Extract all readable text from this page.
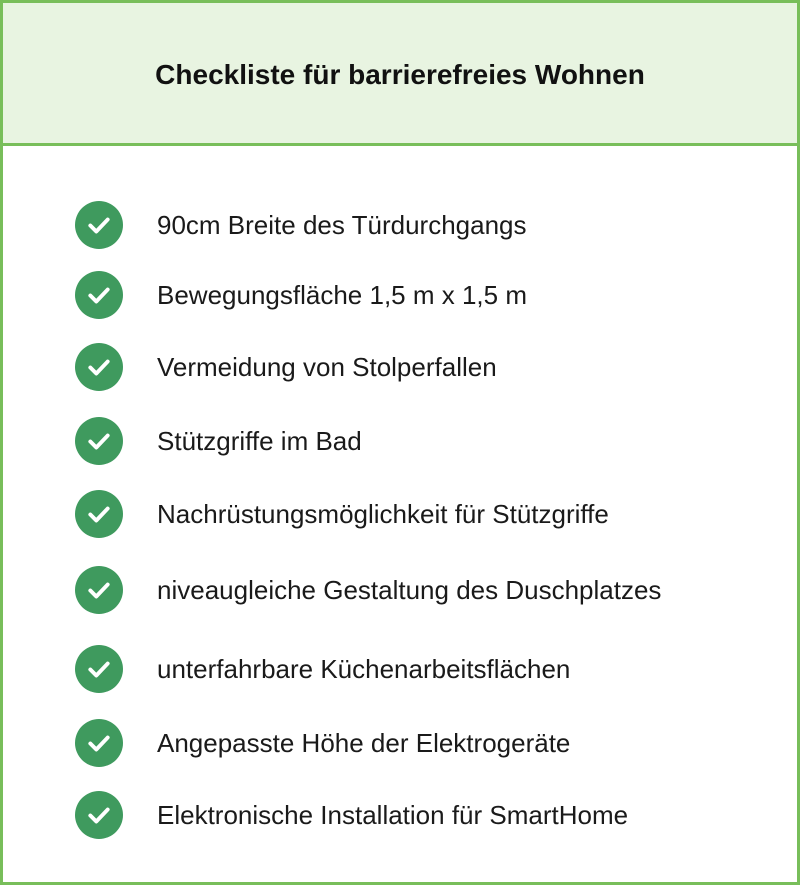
Checkliste für barrierefreies Wohnen
90cm Breite des Türdurchgangs
Bewegungsfläche 1,5 m x 1,5 m
Vermeidung von Stolperfallen
Stützgriffe im Bad
Nachrüstungsmöglichkeit für Stützgriffe
niveaugleiche Gestaltung des Duschplatzes
unterfahrbare Küchenarbeitsflächen
Angepasste Höhe der Elektrogeräte
Elektronische Installation für SmartHome
